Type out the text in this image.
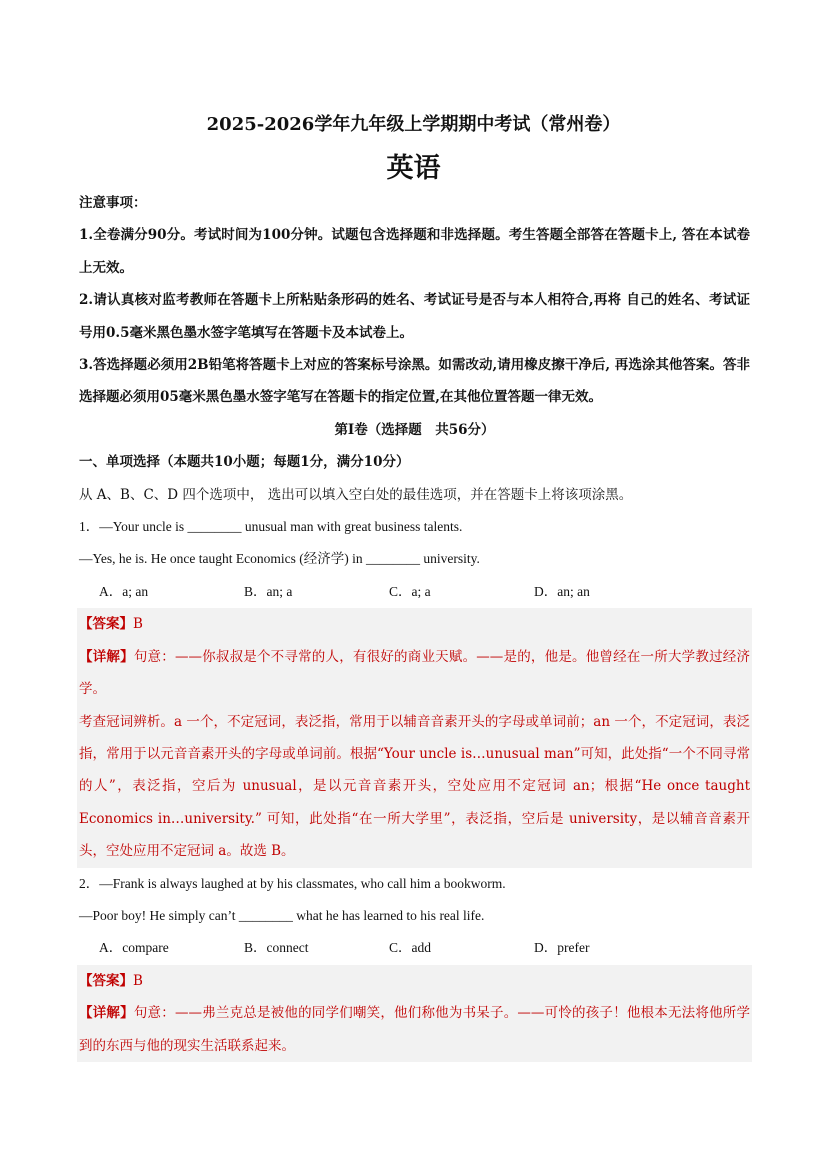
2025-2026学年九年级上学期期中考试（常州卷）
英语

注意事项：

1.全卷满分90分。考试时间为100分钟。试题包含选择题和非选择题。考生答题全部答在答题卡上, 答在本试卷上无效。

2.请认真核对监考教师在答题卡上所粘贴条形码的姓名、考试证号是否与本人相符合,再将 自己的姓名、考试证号用0.5毫米黑色墨水签字笔填写在答题卡及本试卷上。

3.答选择题必须用2B铅笔将答题卡上对应的答案标号涂黑。如需改动,请用橡皮擦干净后, 再选涂其他答案。答非选择题必须用05毫米黑色墨水签字笔写在答题卡的指定位置,在其他位置答题一律无效。

第Ⅰ卷（选择题　共56分）

一、单项选择（本题共10小题；每题1分，满分10分）

从 A、B、C、D 四个选项中， 选出可以填入空白处的最佳选项，并在答题卡上将该项涂黑。

1．—Your uncle is ________ unusual man with great business talents.

—Yes, he is. He once taught Economics (经济学) in ________ university.

A．a; an	B．an; a	C．a; a	D．an; an

【答案】B

【详解】句意：——你叔叔是个不寻常的人，有很好的商业天赋。——是的，他是。他曾经在一所大学教过经济学。

考查冠词辨析。a 一个，不定冠词，表泛指，常用于以辅音音素开头的字母或单词前；an 一个，不定冠词，表泛指，常用于以元音音素开头的字母或单词前。根据“Your uncle is…unusual man”可知，此处指“一个不同寻常的人”，表泛指，空后为 unusual，是以元音音素开头，空处应用不定冠词 an；根据“He once taught Economics in…university.” 可知，此处指“在一所大学里”，表泛指，空后是 university，是以辅音音素开头，空处应用不定冠词 a。故选 B。

2．—Frank is always laughed at by his classmates, who call him a bookworm.

—Poor boy! He simply can’t ________ what he has learned to his real life.

A．compare	B．connect	C．add	D．prefer

【答案】B

【详解】句意：——弗兰克总是被他的同学们嘲笑，他们称他为书呆子。——可怜的孩子！他根本无法将他所学到的东西与他的现实生活联系起来。
